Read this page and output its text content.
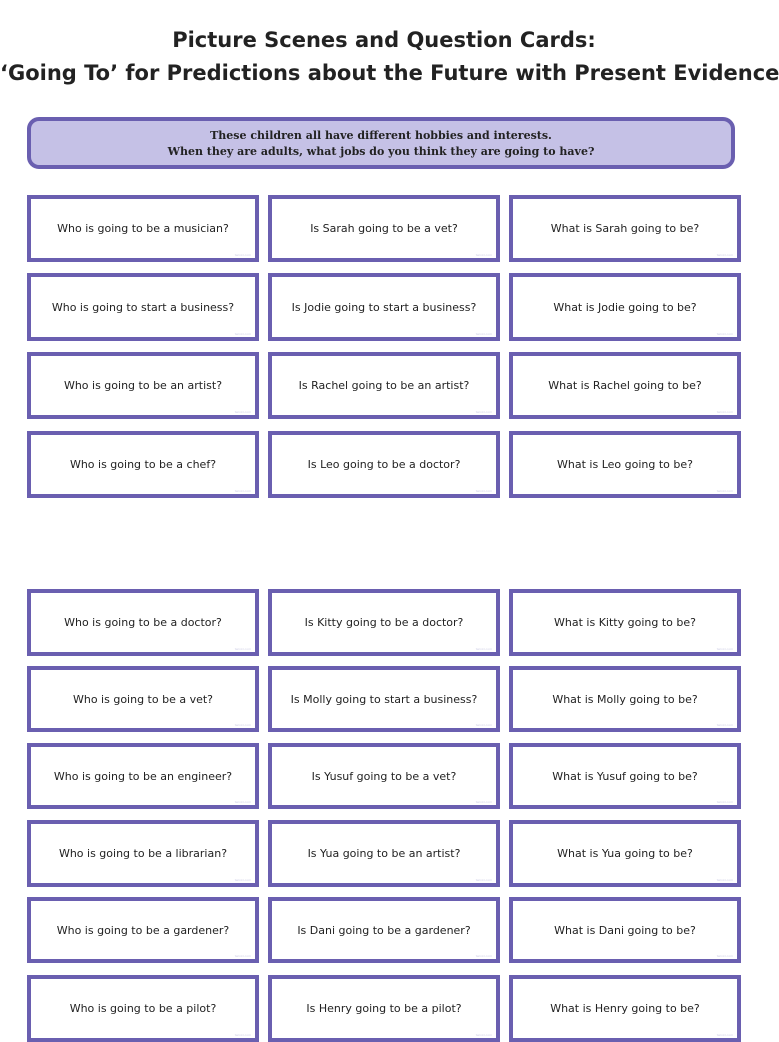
Picture Scenes and Question Cards:
‘Going To’ for Predictions about the Future with Present Evidence
These children all have different hobbies and interests.
When they are adults, what jobs do you think they are going to have?
Who is going to be a musician?
twinkl.com
Is Sarah going to be a vet?
twinkl.com
What is Sarah going to be?
twinkl.com
Who is going to start a business?
twinkl.com
Is Jodie going to start a business?
twinkl.com
What is Jodie going to be?
twinkl.com
Who is going to be an artist?
twinkl.com
Is Rachel going to be an artist?
twinkl.com
What is Rachel going to be?
twinkl.com
Who is going to be a chef?
twinkl.com
Is Leo going to be a doctor?
twinkl.com
What is Leo going to be?
twinkl.com
Who is going to be a doctor?
twinkl.com
Is Kitty going to be a doctor?
twinkl.com
What is Kitty going to be?
twinkl.com
Who is going to be a vet?
twinkl.com
Is Molly going to start a business?
twinkl.com
What is Molly going to be?
twinkl.com
Who is going to be an engineer?
twinkl.com
Is Yusuf going to be a vet?
twinkl.com
What is Yusuf going to be?
twinkl.com
Who is going to be a librarian?
twinkl.com
Is Yua going to be an artist?
twinkl.com
What is Yua going to be?
twinkl.com
Who is going to be a gardener?
twinkl.com
Is Dani going to be a gardener?
twinkl.com
What is Dani going to be?
twinkl.com
Who is going to be a pilot?
twinkl.com
Is Henry going to be a pilot?
twinkl.com
What is Henry going to be?
twinkl.com
